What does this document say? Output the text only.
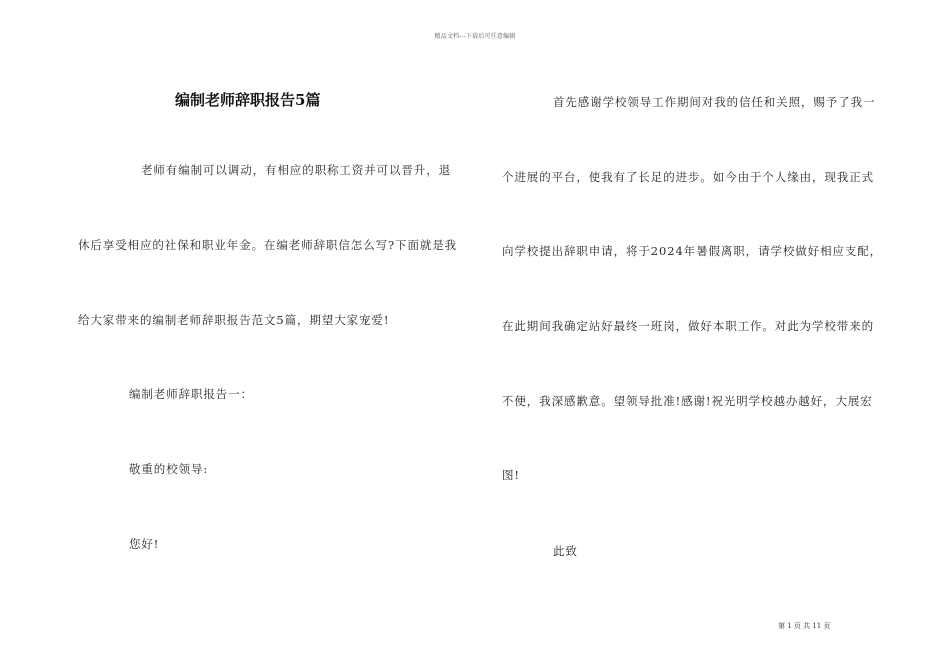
精品文档---下载后可任意编辑
编制老师辞职报告5篇
老师有编制可以调动，有相应的职称工资并可以晋升，退
休后享受相应的社保和职业年金。在编老师辞职信怎么写?下面就是我
给大家带来的编制老师辞职报告范文5篇，期望大家宠爱!
编制老师辞职报告一：
敬重的校领导:
您好!
首先感谢学校领导工作期间对我的信任和关照，赐予了我一
个进展的平台，使我有了长足的进步。如今由于个人缘由，现我正式
向学校提出辞职申请，将于2024年暑假离职，请学校做好相应支配，
在此期间我确定站好最终一班岗，做好本职工作。对此为学校带来的
不便，我深感歉意。望领导批准!感谢!祝光明学校越办越好，大展宏
图!
此致
第 1 页 共 11 页
